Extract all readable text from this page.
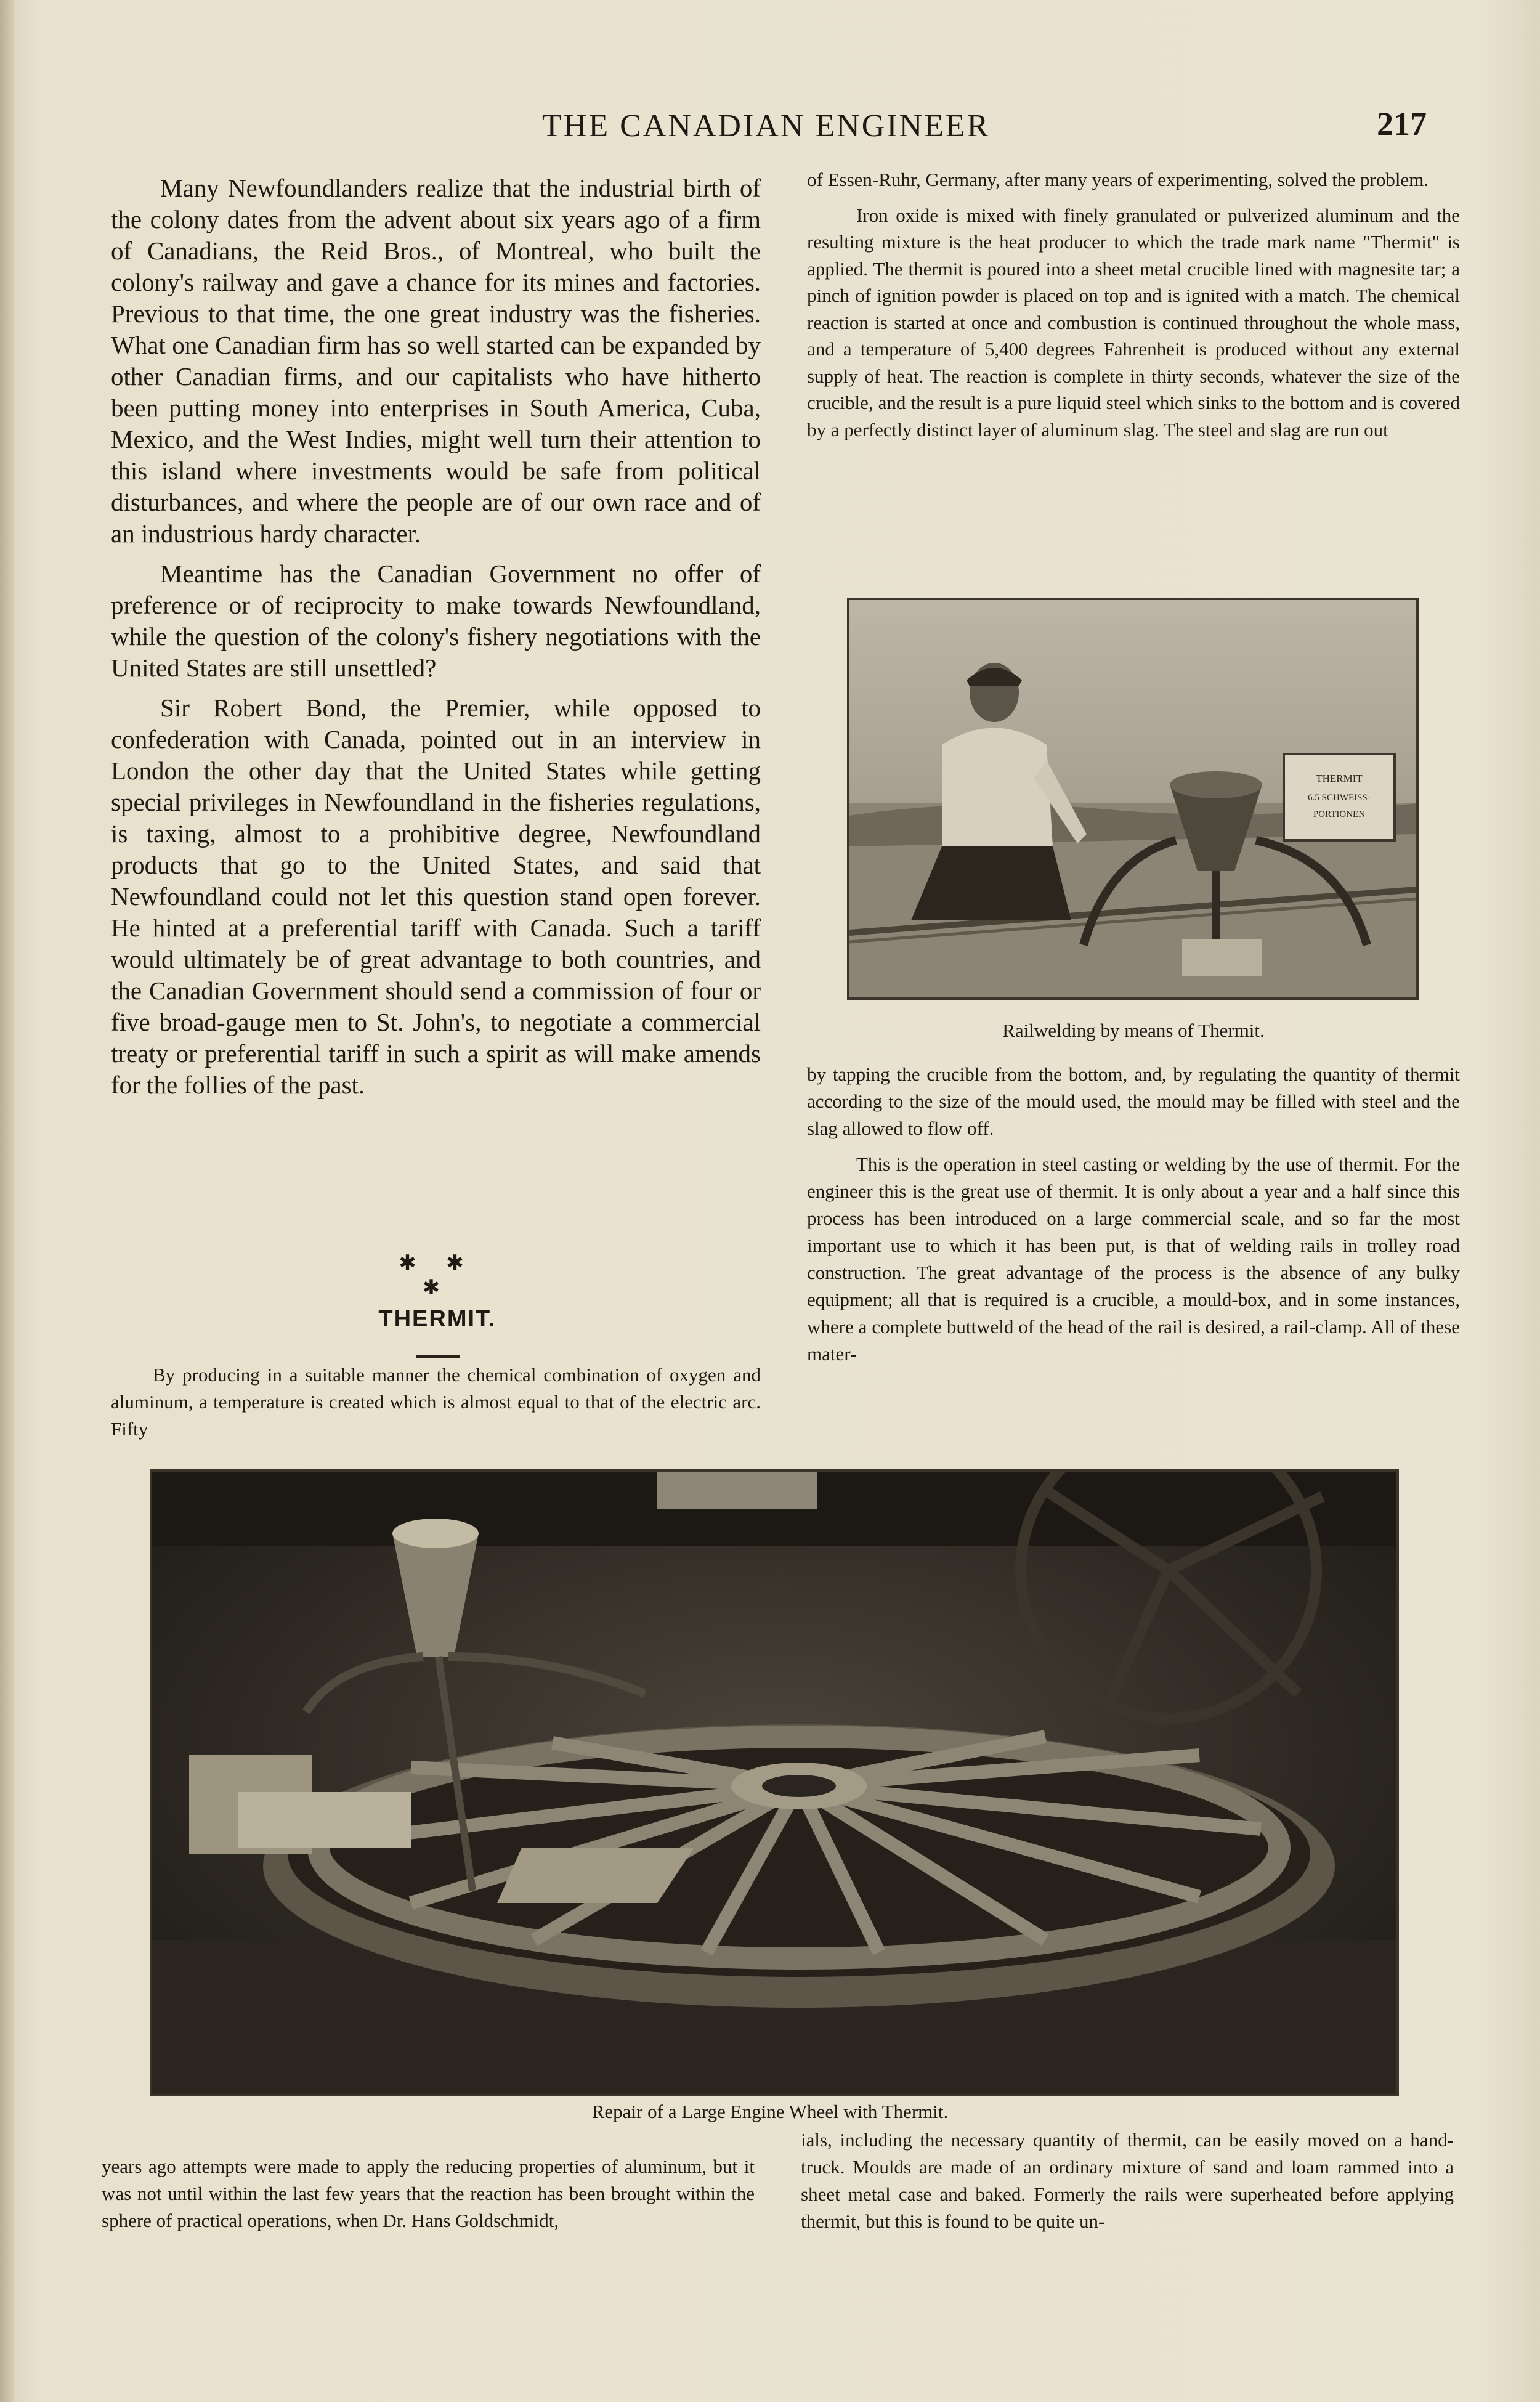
THE CANADIAN ENGINEER	217

Many Newfoundlanders realize that the industrial birth of the colony dates from the advent about six years ago of a firm of Canadians, the Reid Bros., of Montreal, who built the colony's railway and gave a chance for its mines and factories. Previous to that time, the one great industry was the fisheries. What one Canadian firm has so well started can be expanded by other Canadian firms, and our capitalists who have hitherto been putting money into enterprises in South America, Cuba, Mexico, and the West Indies, might well turn their attention to this island where investments would be safe from political disturbances, and where the people are of our own race and of an industrious hardy character.

Meantime has the Canadian Government no offer of preference or of reciprocity to make towards Newfoundland, while the question of the colony's fishery negotiations with the United States are still unsettled?

Sir Robert Bond, the Premier, while opposed to confederation with Canada, pointed out in an interview in London the other day that the United States while getting special privileges in Newfoundland in the fisheries regulations, is taxing, almost to a prohibitive degree, Newfoundland products that go to the United States, and said that Newfoundland could not let this question stand open forever. He hinted at a preferential tariff with Canada. Such a tariff would ultimately be of great advantage to both countries, and the Canadian Government should send a commission of four or five broad-gauge men to St. John's, to negotiate a commercial treaty or preferential tariff in such a spirit as will make amends for the follies of the past.

✱ ✱ ✱
THERMIT.

By producing in a suitable manner the chemical combination of oxygen and aluminum, a temperature is created which is almost equal to that of the electric arc. Fifty

of Essen-Ruhr, Germany, after many years of experimenting, solved the problem.

Iron oxide is mixed with finely granulated or pulverized aluminum and the resulting mixture is the heat producer to which the trade mark name "Thermit" is applied. The thermit is poured into a sheet metal crucible lined with magnesite tar; a pinch of ignition powder is placed on top and is ignited with a match. The chemical reaction is started at once and combustion is continued throughout the whole mass, and a temperature of 5,400 degrees Fahrenheit is produced without any external supply of heat. The reaction is complete in thirty seconds, whatever the size of the crucible, and the result is a pure liquid steel which sinks to the bottom and is covered by a perfectly distinct layer of aluminum slag. The steel and slag are run out

THERMIT
6.5 SCHWEISS-
PORTIONEN
Railwelding by means of Thermit.

by tapping the crucible from the bottom, and, by regulating the quantity of thermit according to the size of the mould used, the mould may be filled with steel and the slag allowed to flow off.

This is the operation in steel casting or welding by the use of thermit. For the engineer this is the great use of thermit. It is only about a year and a half since this process has been introduced on a large commercial scale, and so far the most important use to which it has been put, is that of welding rails in trolley road construction. The great advantage of the process is the absence of any bulky equipment; all that is required is a crucible, a mould-box, and in some instances, where a complete buttweld of the head of the rail is desired, a rail-clamp. All of these mater-

Repair of a Large Engine Wheel with Thermit.

years ago attempts were made to apply the reducing properties of aluminum, but it was not until within the last few years that the reaction has been brought within the sphere of practical operations, when Dr. Hans Goldschmidt,

ials, including the necessary quantity of thermit, can be easily moved on a hand-truck. Moulds are made of an ordinary mixture of sand and loam rammed into a sheet metal case and baked. Formerly the rails were superheated before applying thermit, but this is found to be quite un-
